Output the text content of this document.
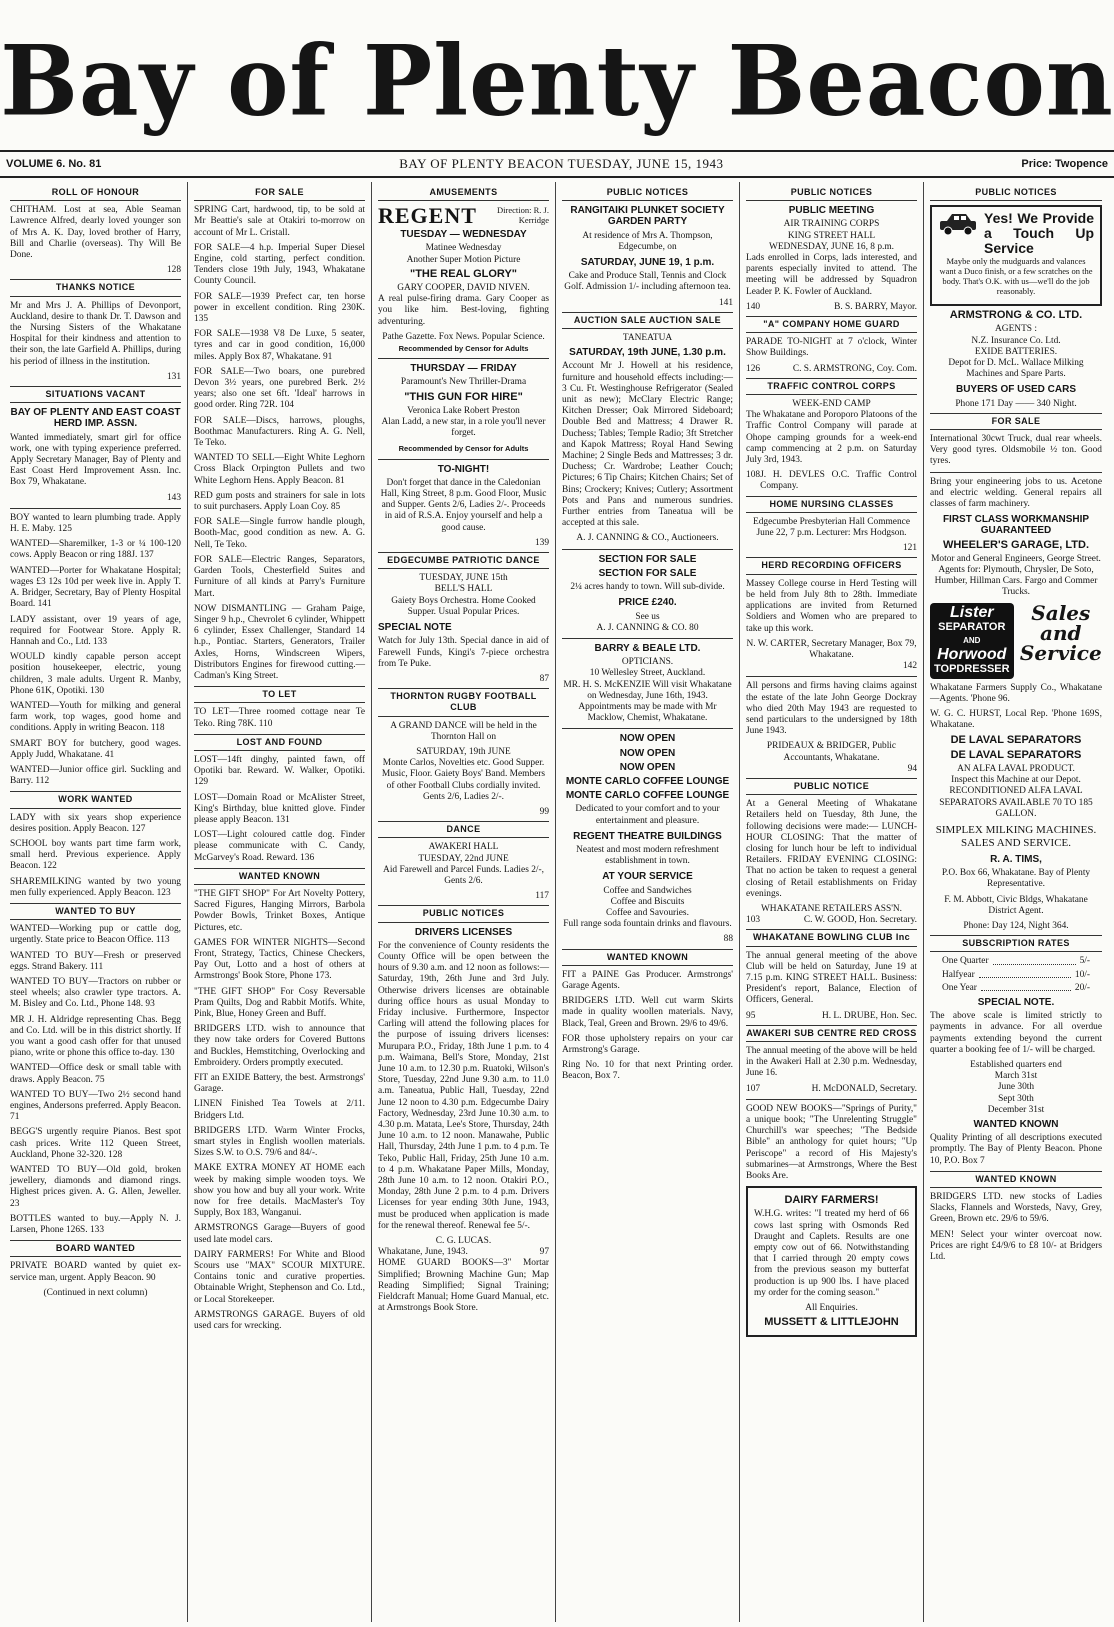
Bay of Plenty Beacon
VOLUME 6. No. 81	BAY OF PLENTY BEACON TUESDAY, JUNE 15, 1943	Price: Twopence
ROLL OF HONOUR

CHITHAM. Lost at sea, Able Seaman Lawrence Alfred, dearly loved younger son of Mrs A. K. Day, loved brother of Harry, Bill and Charlie (overseas). Thy Will Be Done.

128
THANKS NOTICE

Mr and Mrs J. A. Phillips of Devonport, Auckland, desire to thank Dr. T. Dawson and the Nursing Sisters of the Whakatane Hospital for their kindness and attention to their son, the late Garfield A. Phillips, during his period of illness in the institution.

131
SITUATIONS VACANT
BAY OF PLENTY AND EAST COAST HERD IMP. ASSN.

Wanted immediately, smart girl for office work, one with typing experience preferred. Apply Secretary Manager, Bay of Plenty and East Coast Herd Improvement Assn. Inc. Box 79, Whakatane.

143

BOY wanted to learn plumbing trade. Apply H. E. Maby. 125

WANTED—Sharemilker, 1-3 or ¼ 100-120 cows. Apply Beacon or ring 188J. 137

WANTED—Porter for Whakatane Hospital; wages £3 12s 10d per week live in. Apply T. A. Bridger, Secretary, Bay of Plenty Hospital Board. 141

LADY assistant, over 19 years of age, required for Footwear Store. Apply R. Hannah and Co., Ltd. 133

WOULD kindly capable person accept position housekeeper, electric, young children, 3 male adults. Urgent R. Manby, Phone 61K, Opotiki. 130

WANTED—Youth for milking and general farm work, top wages, good home and conditions. Apply in writing Beacon. 118

SMART BOY for butchery, good wages. Apply Judd, Whakatane. 41

WANTED—Junior office girl. Suckling and Barry. 112

WORK WANTED

LADY with six years shop experience desires position. Apply Beacon. 127

SCHOOL boy wants part time farm work, small herd. Previous experience. Apply Beacon. 122

SHAREMILKING wanted by two young men fully experienced. Apply Beacon. 123

WANTED TO BUY

WANTED—Working pup or cattle dog, urgently. State price to Beacon Office. 113

WANTED TO BUY—Fresh or preserved eggs. Strand Bakery. 111

WANTED TO BUY—Tractors on rubber or steel wheels; also crawler type tractors. A. M. Bisley and Co. Ltd., Phone 148. 93

MR J. H. Aldridge representing Chas. Begg and Co. Ltd. will be in this district shortly. If you want a good cash offer for that unused piano, write or phone this office to-day. 130

WANTED—Office desk or small table with draws. Apply Beacon. 75

WANTED TO BUY—Two 2½ second hand engines, Andersons preferred. Apply Beacon. 71

BEGG'S urgently require Pianos. Best spot cash prices. Write 112 Queen Street, Auckland, Phone 32-320. 128

WANTED TO BUY—Old gold, broken jewellery, diamonds and diamond rings. Highest prices given. A. G. Allen, Jeweller. 23

BOTTLES wanted to buy.—Apply N. J. Larsen, Phone 126S. 133

BOARD WANTED

PRIVATE BOARD wanted by quiet ex-service man, urgent. Apply Beacon. 90

(Continued in next column)

FOR SALE

SPRING Cart, hardwood, tip, to be sold at Mr Beattie's sale at Otakiri to-morrow on account of Mr L. Cristall.

FOR SALE—4 h.p. Imperial Super Diesel Engine, cold starting, perfect condition. Tenders close 19th July, 1943, Whakatane County Council.

FOR SALE—1939 Prefect car, ten horse power in excellent condition. Ring 230K. 135

FOR SALE—1938 V8 De Luxe, 5 seater, tyres and car in good condition, 16,000 miles. Apply Box 87, Whakatane. 91

FOR SALE—Two boars, one purebred Devon 3½ years, one purebred Berk. 2½ years; also one set 6ft. 'Ideal' harrows in good order. Ring 72R. 104

FOR SALE—Discs, harrows, ploughs, Boothmac Manufacturers. Ring A. G. Nell, Te Teko.

WANTED TO SELL—Eight White Leghorn Cross Black Orpington Pullets and two White Leghorn Hens. Apply Beacon. 81

RED gum posts and strainers for sale in lots to suit purchasers. Apply Loan Coy. 85

FOR SALE—Single furrow handle plough, Booth-Mac, good condition as new. A. G. Nell, Te Teko.

FOR SALE—Electric Ranges, Separators, Garden Tools, Chesterfield Suites and Furniture of all kinds at Parry's Furniture Mart.

NOW DISMANTLING — Graham Paige, Singer 9 h.p., Chevrolet 6 cylinder, Whippett 6 cylinder, Essex Challenger, Standard 14 h.p., Pontiac. Starters, Generators, Trailer Axles, Horns, Windscreen Wipers, Distributors Engines for firewood cutting.—Cadman's King Street.

TO LET

TO LET—Three roomed cottage near Te Teko. Ring 78K. 110

LOST AND FOUND

LOST—14ft dinghy, painted fawn, off Opotiki bar. Reward. W. Walker, Opotiki. 129

LOST—Domain Road or McAlister Street, King's Birthday, blue knitted glove. Finder please apply Beacon. 131

LOST—Light coloured cattle dog. Finder please communicate with C. Candy, McGarvey's Road. Reward. 136

WANTED KNOWN

"THE GIFT SHOP" For Art Novelty Pottery, Sacred Figures, Hanging Mirrors, Barbola Powder Bowls, Trinket Boxes, Antique Pictures, etc.

GAMES FOR WINTER NIGHTS—Second Front, Strategy, Tactics, Chinese Checkers, Pay Out, Lotto and a host of others at Armstrongs' Book Store, Phone 173.

"THE GIFT SHOP" For Cosy Reversable Pram Quilts, Dog and Rabbit Motifs. White, Pink, Blue, Honey Green and Buff.

BRIDGERS LTD. wish to announce that they now take orders for Covered Buttons and Buckles, Hemstitching, Overlocking and Embroidery. Orders promptly executed.

FIT an EXIDE Battery, the best. Armstrongs' Garage.

LINEN Finished Tea Towels at 2/11. Bridgers Ltd.

BRIDGERS LTD. Warm Winter Frocks, smart styles in English woollen materials. Sizes S.W. to O.S. 79/6 and 84/-.

MAKE EXTRA MONEY AT HOME each week by making simple wooden toys. We show you how and buy all your work. Write now for free details. MacMaster's Toy Supply, Box 183, Wanganui.

ARMSTRONGS Garage—Buyers of good used late model cars.

DAIRY FARMERS! For White and Blood Scours use "MAX" SCOUR MIXTURE. Contains tonic and curative properties. Obtainable Wright, Stephenson and Co. Ltd., or Local Storekeeper.

ARMSTRONGS GARAGE. Buyers of old used cars for wrecking.

AMUSEMENTS
REGENT	Direction: R. J. Kerridge
TUESDAY — WEDNESDAY
Matinee Wednesday
Another Super Motion Picture
"THE REAL GLORY"
GARY COOPER, DAVID NIVEN.

A real pulse-firing drama. Gary Cooper as you like him. Best-loving, fighting adventuring.

Pathe Gazette. Fox News. Popular Science.
Recommended by Censor for Adults
THURSDAY — FRIDAY
Paramount's New Thriller-Drama
"THIS GUN FOR HIRE"
Veronica Lake Robert Preston

Alan Ladd, a new star, in a role you'll never forget.

Recommended by Censor for Adults
TO-NIGHT!

Don't forget that dance in the Caledonian Hall, King Street, 8 p.m. Good Floor, Music and Supper. Gents 2/6, Ladies 2/-. Proceeds in aid of R.S.A. Enjoy yourself and help a good cause.

139
EDGECUMBE PATRIOTIC DANCE
TUESDAY, JUNE 15th
BELL'S HALL

Gaiety Boys Orchestra. Home Cooked Supper. Usual Popular Prices.

SPECIAL NOTE

Watch for July 13th. Special dance in aid of Farewell Funds, Kingi's 7-piece orchestra from Te Puke.

87
THORNTON RUGBY FOOTBALL CLUB

A GRAND DANCE will be held in the Thornton Hall on

SATURDAY, 19th JUNE

Monte Carlos, Novelties etc. Good Supper. Music, Floor. Gaiety Boys' Band. Members of other Football Clubs cordially invited. Gents 2/6, Ladies 2/-.

99
DANCE
AWAKERI HALL
TUESDAY, 22nd JUNE

Aid Farewell and Parcel Funds. Ladies 2/-, Gents 2/6.

117
PUBLIC NOTICES
DRIVERS LICENSES

For the convenience of County residents the County Office will be open between the hours of 9.30 a.m. and 12 noon as follows:— Saturday, 19th, 26th June and 3rd July. Otherwise drivers licenses are obtainable during office hours as usual Monday to Friday inclusive. Furthermore, Inspector Carling will attend the following places for the purpose of issuing drivers licenses: Murupara P.O., Friday, 18th June 1 p.m. to 4 p.m. Waimana, Bell's Store, Monday, 21st June 10 a.m. to 12.30 p.m. Ruatoki, Wilson's Store, Tuesday, 22nd June 9.30 a.m. to 11.0 a.m. Taneatua, Public Hall, Tuesday, 22nd June 12 noon to 4.30 p.m. Edgecumbe Dairy Factory, Wednesday, 23rd June 10.30 a.m. to 4.30 p.m. Matata, Lee's Store, Thursday, 24th June 10 a.m. to 12 noon. Manawahe, Public Hall, Thursday, 24th June 1 p.m. to 4 p.m. Te Teko, Public Hall, Friday, 25th June 10 a.m. to 4 p.m. Whakatane Paper Mills, Monday, 28th June 10 a.m. to 12 noon. Otakiri P.O., Monday, 28th June 2 p.m. to 4 p.m. Drivers Licenses for year ending 30th June, 1943, must be produced when application is made for the renewal thereof. Renewal fee 5/-.

C. G. LUCAS.
Whakatane, June, 1943.	97

HOME GUARD BOOKS—3" Mortar Simplified; Browning Machine Gun; Map Reading Simplified; Signal Training; Fieldcraft Manual; Home Guard Manual, etc. at Armstrongs Book Store.

PUBLIC NOTICES
RANGITAIKI PLUNKET SOCIETY GARDEN PARTY

At residence of Mrs A. Thompson, Edgecumbe, on

SATURDAY, JUNE 19, 1 p.m.

Cake and Produce Stall, Tennis and Clock Golf. Admission 1/- including afternoon tea.

141
AUCTION SALE AUCTION SALE
TANEATUA
SATURDAY, 19th JUNE, 1.30 p.m.

Account Mr J. Howell at his residence, furniture and household effects including:— 3 Cu. Ft. Westinghouse Refrigerator (Sealed unit as new); McClary Electric Range; Kitchen Dresser; Oak Mirrored Sideboard; Double Bed and Mattress; 4 Drawer R. Duchess; Tables; Temple Radio; 3ft Stretcher and Kapok Mattress; Royal Hand Sewing Machine; 2 Single Beds and Mattresses; 3 dr. Duchess; Cr. Wardrobe; Leather Couch; Pictures; 6 Tip Chairs; Kitchen Chairs; Set of Bins; Crockery; Knives; Cutlery; Assortment Pots and Pans and numerous sundries. Further entries from Taneatua will be accepted at this sale.

A. J. CANNING & CO., Auctioneers.
SECTION FOR SALE
SECTION FOR SALE

2¼ acres handy to town. Will sub-divide.

PRICE £240.
See us
A. J. CANNING & CO. 80
BARRY & BEALE LTD.
OPTICIANS.
10 Wellesley Street, Auckland.

MR. H. S. McKENZIE Will visit Whakatane on Wednesday, June 16th, 1943. Appointments may be made with Mr Macklow, Chemist, Whakatane.

NOW OPEN
NOW OPEN
NOW OPEN
MONTE CARLO COFFEE LOUNGE
MONTE CARLO COFFEE LOUNGE

Dedicated to your comfort and to your entertainment and pleasure.

REGENT THEATRE BUILDINGS

Neatest and most modern refreshment establishment in town.

AT YOUR SERVICE
Coffee and Sandwiches
Coffee and Biscuits
Coffee and Savouries.

Full range soda fountain drinks and flavours.

88
WANTED KNOWN

FIT a PAINE Gas Producer. Armstrongs' Garage Agents.

BRIDGERS LTD. Well cut warm Skirts made in quality woollen materials. Navy, Black, Teal, Green and Brown. 29/6 to 49/6.

FOR those upholstery repairs on your car Armstrong's Garage.

Ring No. 10 for that next Printing order. Beacon, Box 7.

PUBLIC NOTICES
PUBLIC MEETING
AIR TRAINING CORPS
KING STREET HALL
WEDNESDAY, JUNE 16, 8 p.m.

Lads enrolled in Corps, lads interested, and parents especially invited to attend. The meeting will be addressed by Squadron Leader P. K. Fowler of Auckland.

140	B. S. BARRY, Mayor.
"A" COMPANY HOME GUARD

PARADE TO-NIGHT at 7 o'clock, Winter Show Buildings.

126	C. S. ARMSTRONG, Coy. Com.
TRAFFIC CONTROL CORPS
WEEK-END CAMP

The Whakatane and Poroporo Platoons of the Traffic Control Company will parade at Ohope camping grounds for a week-end camp commencing at 2 p.m. on Saturday July 3rd, 1943.

108 J. H. DEVLES O.C. Traffic Control Company.
HOME NURSING CLASSES

Edgecumbe Presbyterian Hall Commence June 22, 7 p.m. Lecturer: Mrs Hodgson.

121
HERD RECORDING OFFICERS

Massey College course in Herd Testing will be held from July 8th to 28th. Immediate applications are invited from Returned Soldiers and Women who are prepared to take up this work.

N. W. CARTER, Secretary Manager, Box 79, Whakatane.
142

All persons and firms having claims against the estate of the late John George Dockray who died 20th May 1943 are requested to send particulars to the undersigned by 18th June 1943.

PRIDEAUX & BRIDGER, Public Accountants, Whakatane.
94
PUBLIC NOTICE

At a General Meeting of Whakatane Retailers held on Tuesday, 8th June, the following decisions were made:— LUNCH-HOUR CLOSING: That the matter of closing for lunch hour be left to individual Retailers. FRIDAY EVENING CLOSING: That no action be taken to request a general closing of Retail establishments on Friday evenings.

WHAKATANE RETAILERS ASS'N.
103	C. W. GOOD, Hon. Secretary.
WHAKATANE BOWLING CLUB Inc

The annual general meeting of the above Club will be held on Saturday, June 19 at 7.15 p.m. KING STREET HALL. Business: President's report, Balance, Election of Officers, General.

95	H. L. DRUBE, Hon. Sec.
AWAKERI SUB CENTRE RED CROSS

The annual meeting of the above will be held in the Awakeri Hall at 2.30 p.m. Wednesday, June 16.

107	H. McDONALD, Secretary.

GOOD NEW BOOKS—"Springs of Purity," a unique book; "The Unrelenting Struggle" Churchill's war speeches; "The Bedside Bible" an anthology for quiet hours; "Up Periscope" a record of His Majesty's submarines—at Armstrongs, Where the Best Books Are.

DAIRY FARMERS!

W.H.G. writes: "I treated my herd of 66 cows last spring with Osmonds Red Draught and Caplets. Results are one empty cow out of 66. Notwithstanding that I carried through 20 empty cows from the previous season my butterfat production is up 900 lbs. I have placed my order for the coming season."

All Enquiries.
MUSSETT & LITTLEJOHN
PUBLIC NOTICES
Yes! We Provide a Touch Up Service

Maybe only the mudguards and valances want a Duco finish, or a few scratches on the body. That's O.K. with us—we'll do the job reasonably.

ARMSTRONG & CO. LTD.
AGENTS :
N.Z. Insurance Co. Ltd.
EXIDE BATTERIES.

Depot for D. McL. Wallace Milking Machines and Spare Parts.

BUYERS OF USED CARS
Phone 171 Day —— 340 Night.
FOR SALE

International 30cwt Truck, dual rear wheels. Very good tyres. Oldsmobile ½ ton. Good tyres.

Bring your engineering jobs to us. Acetone and electric welding. General repairs all classes of farm machinery.

FIRST CLASS WORKMANSHIP GUARANTEED
WHEELER'S GARAGE, LTD.
Motor and General Engineers, George Street.

Agents for: Plymouth, Chrysler, De Soto, Humber, Hillman Cars. Fargo and Commer Trucks.

Lister
SEPARATOR
AND
Horwood
TOPDRESSER
Sales and Service

Whakatane Farmers Supply Co., Whakatane—Agents. 'Phone 96.

W. G. C. HURST, Local Rep. 'Phone 169S, Whakatane.

DE LAVAL SEPARATORS
DE LAVAL SEPARATORS
AN ALFA LAVAL PRODUCT.
Inspect this Machine at our Depot.

RECONDITIONED ALFA LAVAL SEPARATORS AVAILABLE 70 TO 185 GALLON.

SIMPLEX MILKING MACHINES. SALES AND SERVICE.

R. A. TIMS,

P.O. Box 66, Whakatane. Bay of Plenty Representative.

F. M. Abbott, Civic Bldgs, Whakatane District Agent.

Phone: Day 124, Night 364.
SUBSCRIPTION RATES
One Quarter	5/-
Halfyear	10/-
One Year	20/-
SPECIAL NOTE.

The above scale is limited strictly to payments in advance. For all overdue payments extending beyond the current quarter a booking fee of 1/- will be charged.

Established quarters end
March 31st
June 30th
Sept 30th
December 31st
WANTED KNOWN

Quality Printing of all descriptions executed promptly. The Bay of Plenty Beacon. Phone 10, P.O. Box 7

WANTED KNOWN

BRIDGERS LTD. new stocks of Ladies Slacks, Flannels and Worsteds, Navy, Grey, Green, Brown etc. 29/6 to 59/6.

MEN! Select your winter overcoat now. Prices are right £4/9/6 to £8 10/- at Bridgers Ltd.
